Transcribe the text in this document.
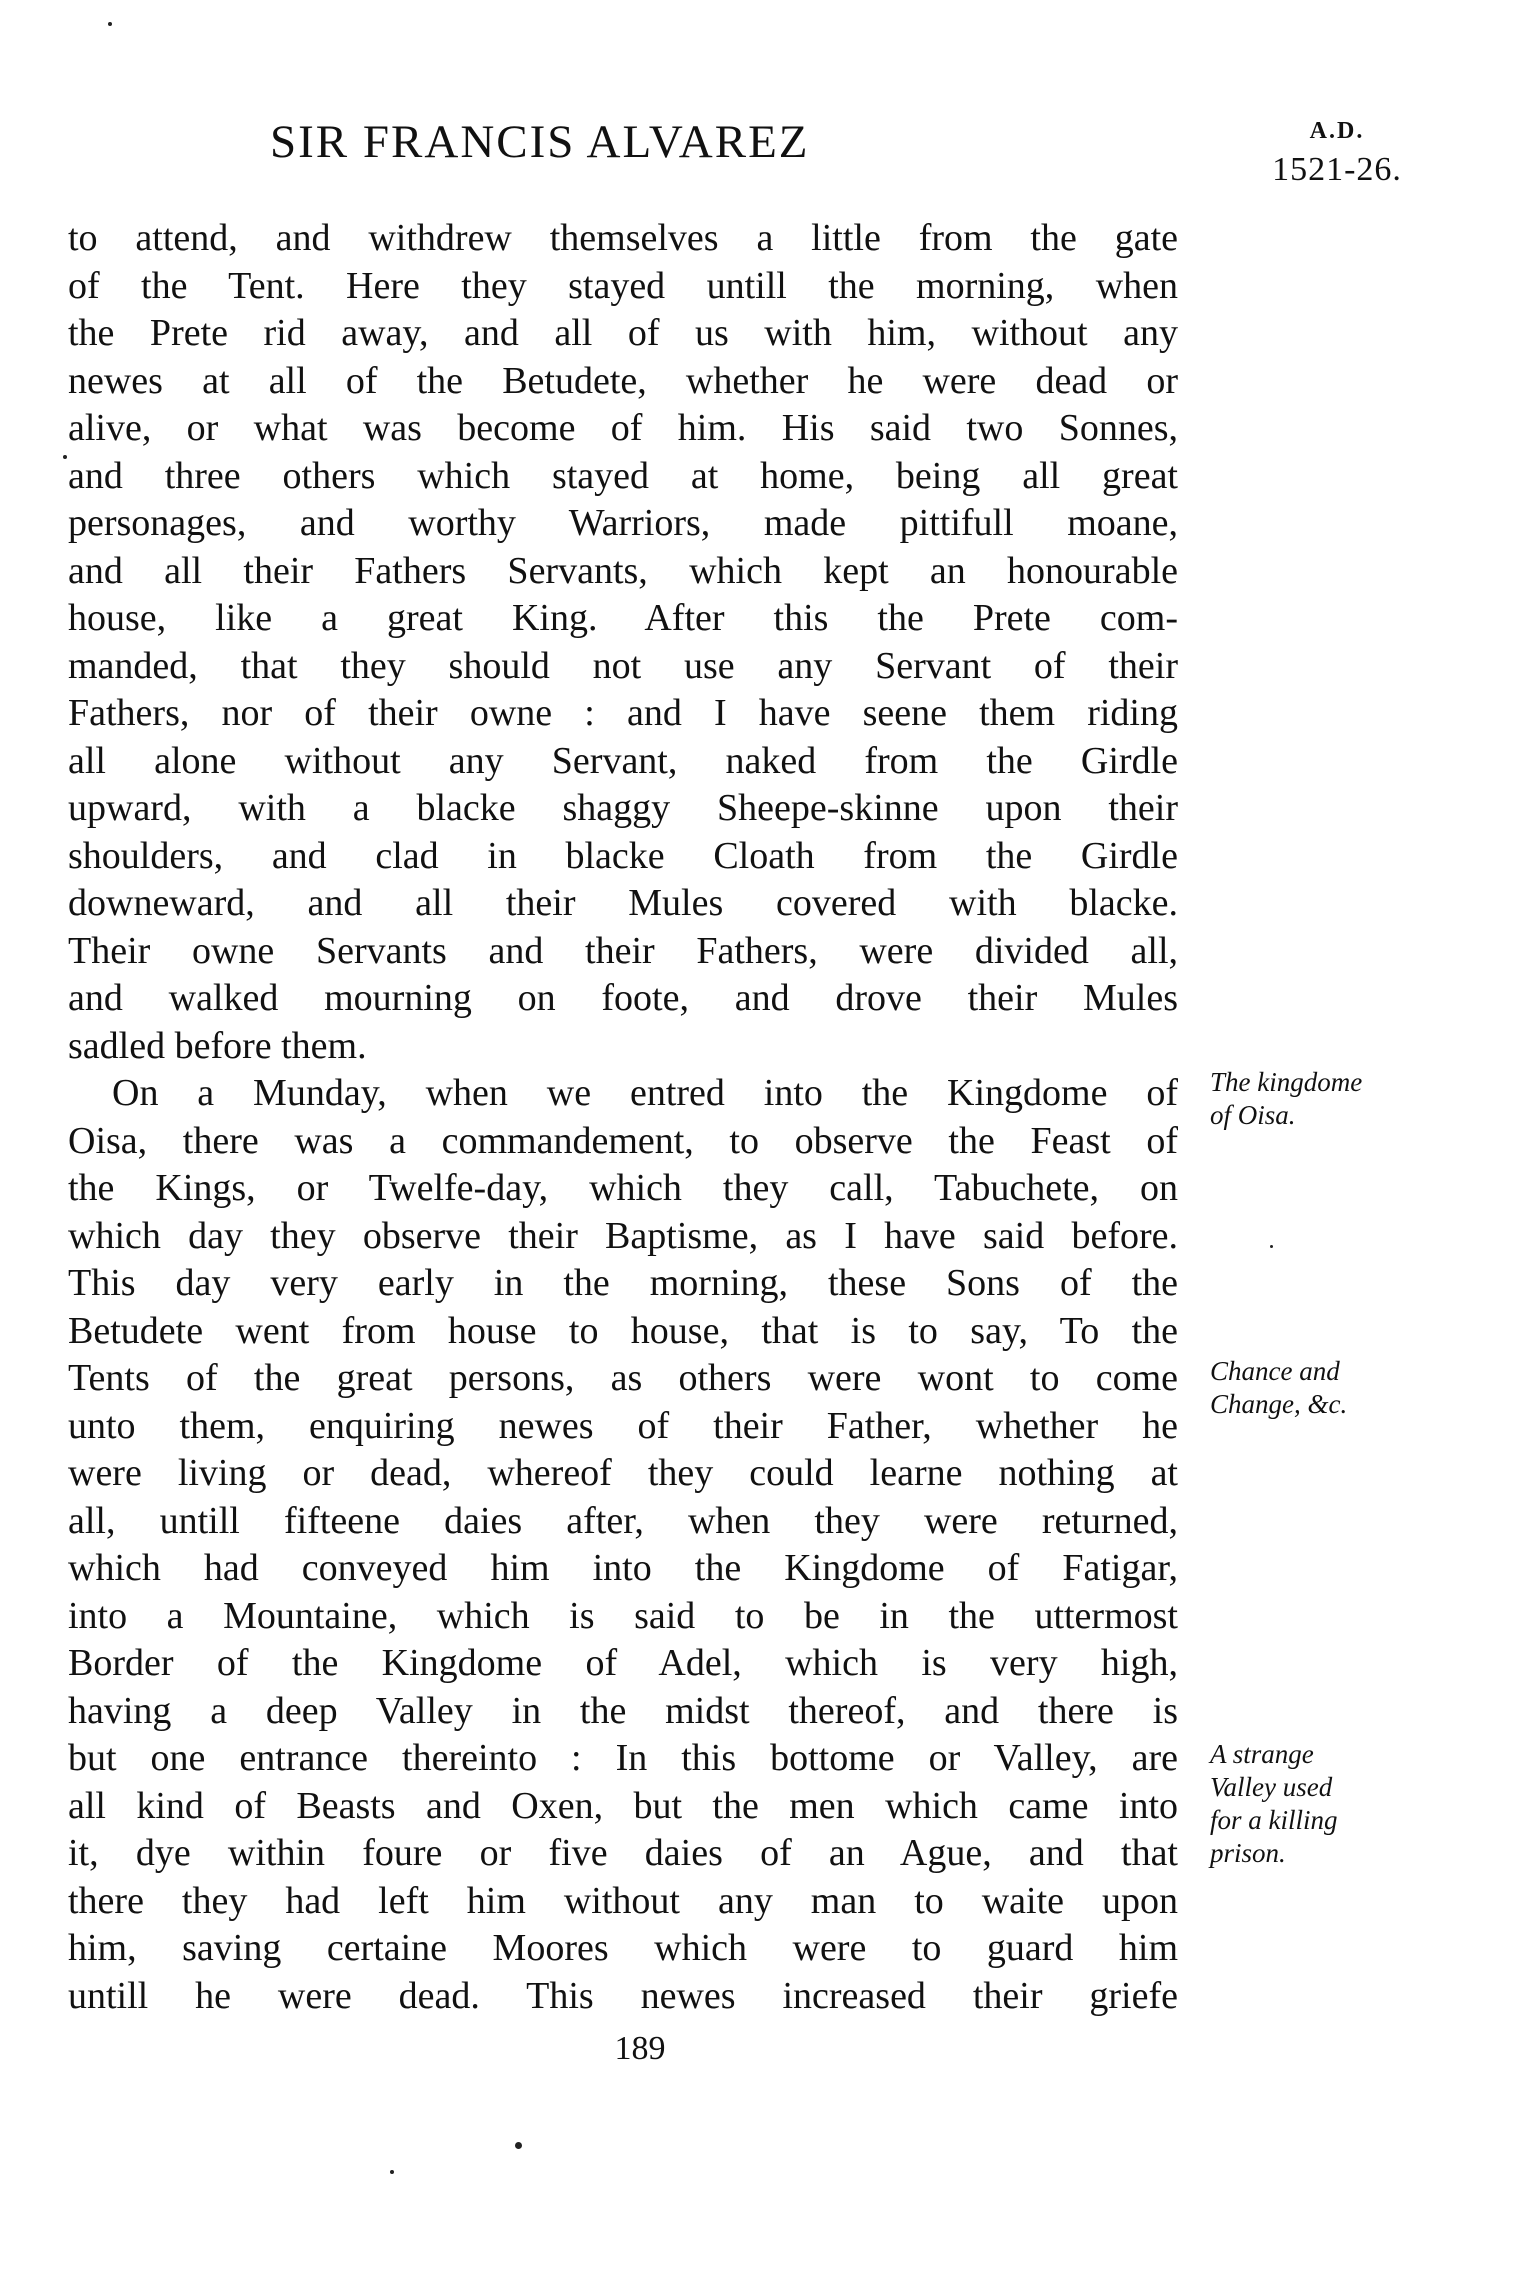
SIR FRANCIS ALVAREZ	A.D.
1521-26.
to attend, and withdrew themselves a little from the gate
of the Tent. Here they stayed untill the morning, when
the Prete rid away, and all of us with him, without any
newes at all of the Betudete, whether he were dead or
alive, or what was become of him. His said two Sonnes,
and three others which stayed at home, being all great
personages, and worthy Warriors, made pittifull moane,
and all their Fathers Servants, which kept an honourable
house, like a great King. After this the Prete com-
manded, that they should not use any Servant of their
Fathers, nor of their owne : and I have seene them riding
all alone without any Servant, naked from the Girdle
upward, with a blacke shaggy Sheepe-skinne upon their
shoulders, and clad in blacke Cloath from the Girdle
downeward, and all their Mules covered with blacke.
Their owne Servants and their Fathers, were divided all,
and walked mourning on foote, and drove their Mules
sadled before them.
On a Munday, when we entred into the Kingdome of
Oisa, there was a commandement, to observe the Feast of
the Kings, or Twelfe-day, which they call, Tabuchete, on
which day they observe their Baptisme, as I have said before.
This day very early in the morning, these Sons of the
Betudete went from house to house, that is to say, To the
Tents of the great persons, as others were wont to come
unto them, enquiring newes of their Father, whether he
were living or dead, whereof they could learne nothing at
all, untill fifteene daies after, when they were returned,
which had conveyed him into the Kingdome of Fatigar,
into a Mountaine, which is said to be in the uttermost
Border of the Kingdome of Adel, which is very high,
having a deep Valley in the midst thereof, and there is
but one entrance thereinto : In this bottome or Valley, are
all kind of Beasts and Oxen, but the men which came into
it, dye within foure or five daies of an Ague, and that
there they had left him without any man to waite upon
him, saving certaine Moores which were to guard him
untill he were dead. This newes increased their griefe
The kingdome
of Oisa.
Chance and
Change, &c.
A strange
Valley used
for a killing
prison.
189
